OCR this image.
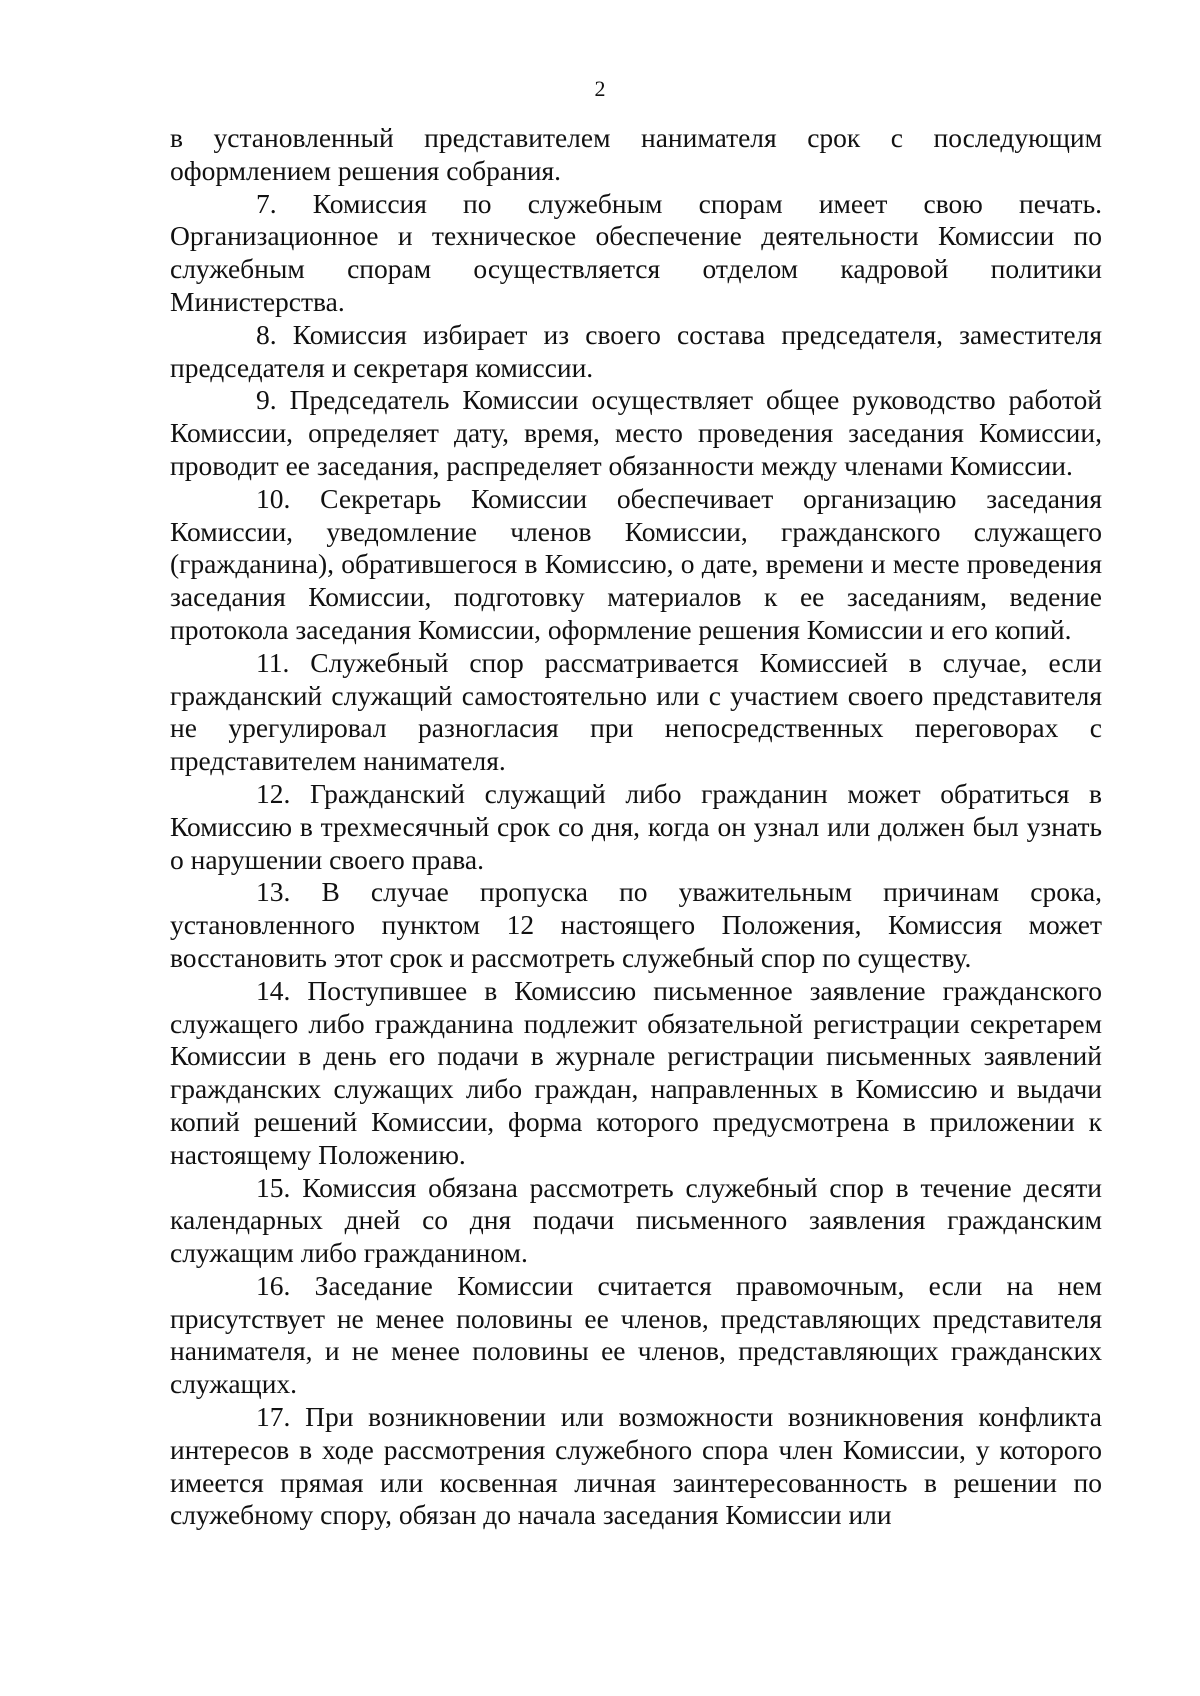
2

в установленный представителем нанимателя срок с последующим оформлением решения собрания.

7. Комиссия по служебным спорам имеет свою печать. Организационное и техническое обеспечение деятельности Комиссии по служебным спорам осуществляется отделом кадровой политики Министерства.

8. Комиссия избирает из своего состава председателя, заместителя председателя и секретаря комиссии.

9. Председатель Комиссии осуществляет общее руководство работой Комиссии, определяет дату, время, место проведения заседания Комиссии, проводит ее заседания, распределяет обязанности между членами Комиссии.

10. Секретарь Комиссии обеспечивает организацию заседания Комиссии, уведомление членов Комиссии, гражданского служащего (гражданина), обратившегося в Комиссию, о дате, времени и месте проведения заседания Комиссии, подготовку материалов к ее заседаниям, ведение протокола заседания Комиссии, оформление решения Комиссии и его копий.

11. Служебный спор рассматривается Комиссией в случае, если гражданский служащий самостоятельно или с участием своего представителя не урегулировал разногласия при непосредственных переговорах с представителем нанимателя.

12. Гражданский служащий либо гражданин может обратиться в Комиссию в трехмесячный срок со дня, когда он узнал или должен был узнать о нарушении своего права.

13. В случае пропуска по уважительным причинам срока, установленного пунктом 12 настоящего Положения, Комиссия может восстановить этот срок и рассмотреть служебный спор по существу.

14. Поступившее в Комиссию письменное заявление гражданского служащего либо гражданина подлежит обязательной регистрации секретарем Комиссии в день его подачи в журнале регистрации письменных заявлений гражданских служащих либо граждан, направленных в Комиссию и выдачи копий решений Комиссии, форма которого предусмотрена в приложении к настоящему Положению.

15. Комиссия обязана рассмотреть служебный спор в течение десяти календарных дней со дня подачи письменного заявления гражданским служащим либо гражданином.

16. Заседание Комиссии считается правомочным, если на нем присутствует не менее половины ее членов, представляющих представителя нанимателя, и не менее половины ее членов, представляющих гражданских служащих.

17. При возникновении или возможности возникновения конфликта интересов в ходе рассмотрения служебного спора член Комиссии, у которого имеется прямая или косвенная личная заинтересованность в решении по служебному спору, обязан до начала заседания Комиссии или
